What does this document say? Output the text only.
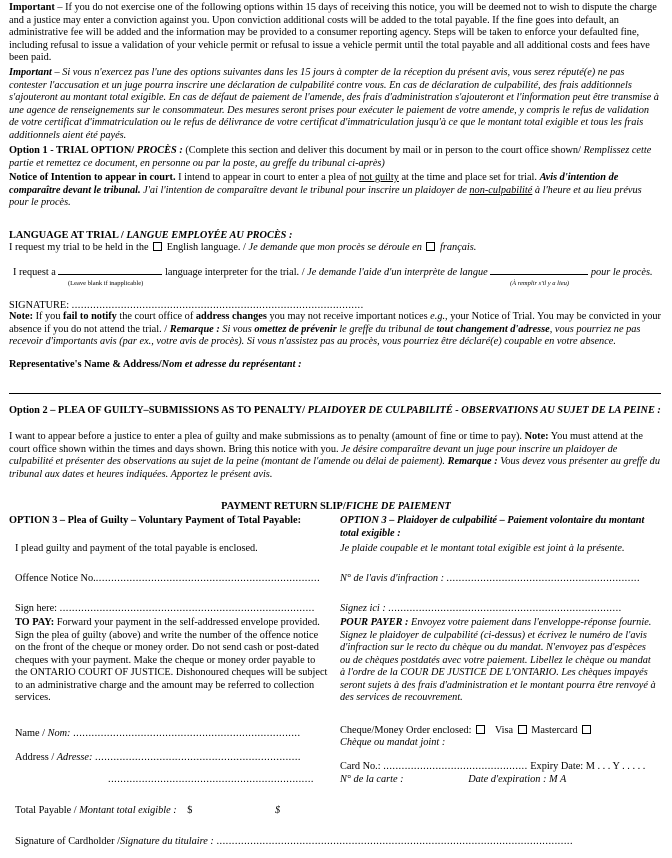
Important – If you do not exercise one of the following options within 15 days of receiving this notice, you will be deemed not to wish to dispute the charge and a justice may enter a conviction against you. Upon conviction additional costs will be added to the total payable. If the fine goes into default, an administrative fee will be added and the information may be provided to a consumer reporting agency. Steps will be taken to enforce your defaulted fine, including refusal to issue a validation of your vehicle permit or refusal to issue a vehicle permit until the total payable and all additional costs and fees have been paid.
Important – Si vous n'exercez pas l'une des options suivantes dans les 15 jours à compter de la réception du présent avis, vous serez réputé(e) ne pas contester l'accusation et un juge pourra inscrire une déclaration de culpabilité contre vous. En cas de déclaration de culpabilité, des frais additionnels s'ajouteront au montant total exigible. En cas de défaut de paiement de l'amende, des frais d'administration s'ajouteront et l'information peut être transmise à une agence de renseignements sur le consommateur. Des mesures seront prises pour exécuter le paiement de votre amende, y compris le refus de validation de votre certificat d'immatriculation ou le refus de délivrance de votre certificat d'immatriculation jusqu'à ce que le montant total exigible et tous les frais additionnels aient été payés.
Option 1 - TRIAL OPTION/ PROCÈS : (Complete this section and deliver this document by mail or in person to the court office shown/ Remplissez cette partie et remettez ce document, en personne ou par la poste, au greffe du tribunal ci-après)
Notice of Intention to appear in court. I intend to appear in court to enter a plea of not guilty at the time and place set for trial. Avis d'intention de comparaître devant le tribunal. J'ai l'intention de comparaître devant le tribunal pour inscrire un plaidoyer de non-culpabilité à l'heure et au lieu prévus pour le procès.
LANGUAGE AT TRIAL / LANGUE EMPLOYÉE AU PROCÈS :
I request my trial to be held in the  English language. / Je demande que mon procès se déroule en  français.
I request a	language interpreter for the trial. / Je demande l'aide d'un interprète de langue	pour le procès.
(Leave blank if inapplicable)	(À remplir s'il y a lieu)
SIGNATURE: ...............................................................................................
Note: If you fail to notify the court office of address changes you may not receive important notices e.g., your Notice of Trial. You may be convicted in your absence if you do not attend the trial. / Remarque : Si vous omettez de prévenir le greffe du tribunal de tout changement d'adresse, vous pourriez ne pas recevoir d'importants avis (par ex., votre avis de procès). Si vous n'assistez pas au procès, vous pourriez être déclaré(e) coupable en votre absence.
Representative's Name & Address/Nom et adresse du représentant :
Option 2 – PLEA OF GUILTY–SUBMISSIONS AS TO PENALTY/ PLAIDOYER DE CULPABILITÉ - OBSERVATIONS AU SUJET DE LA PEINE :
I want to appear before a justice to enter a plea of guilty and make submissions as to penalty (amount of fine or time to pay). Note: You must attend at the court office shown within the times and days shown. Bring this notice with you. Je désire comparaître devant un juge pour inscrire un plaidoyer de culpabilité et présenter des observations au sujet de la peine (montant de l'amende ou délai de paiement). Remarque : Vous devez vous présenter au greffe du tribunal aux dates et heures indiquées. Apportez le présent avis.
PAYMENT RETURN SLIP/FICHE DE PAIEMENT
OPTION 3 – Plea of Guilty – Voluntary Payment of Total Payable:
I plead guilty and payment of the total payable is enclosed.
Offence Notice No..........................................................................
Sign here: ...................................................................................
TO PAY: Forward your payment in the self-addressed envelope provided. Sign the plea of guilty (above) and write the number of the offence notice on the front of the cheque or money order. Do not send cash or post-dated cheques with your payment. Make the cheque or money order payable to the ONTARIO COURT OF JUSTICE. Dishonoured cheques will be subject to an administrative charge and the amount may be referred to collection services.
OPTION 3 – Plaidoyer de culpabilité – Paiement volontaire du montant total exigible :
Je plaide coupable et le montant total exigible est joint à la présente.
N° de l'avis d'infraction : ...............................................................
Signez ici : ............................................................................
POUR PAYER : Envoyez votre paiement dans l'enveloppe-réponse fournie. Signez le plaidoyer de culpabilité (ci-dessus) et écrivez le numéro de l'avis d'infraction sur le recto du chèque ou du mandat. N'envoyez pas d'espèces ou de chèques postdatés avec votre paiement. Libellez le chèque ou mandat à l'ordre de la COUR DE JUSTICE DE L'ONTARIO. Les chèques impayés seront sujets à des frais d'administration et le montant pourra être renvoyé à des services de recouvrement.
Name / Nom: ..........................................................................
Address / Adresse: ...................................................................
...................................................................
Cheque/Money Order enclosed: Visa Mastercard
Chèque ou mandat joint :
Card No.: ............................................... Expiry Date: M . . . Y . . . . .
N° de la carte :	Date d'expiration : M A
Total Payable / Montant total exigible : $	$
Signature of Cardholder /Signature du titulaire : ....................................................................................................................
